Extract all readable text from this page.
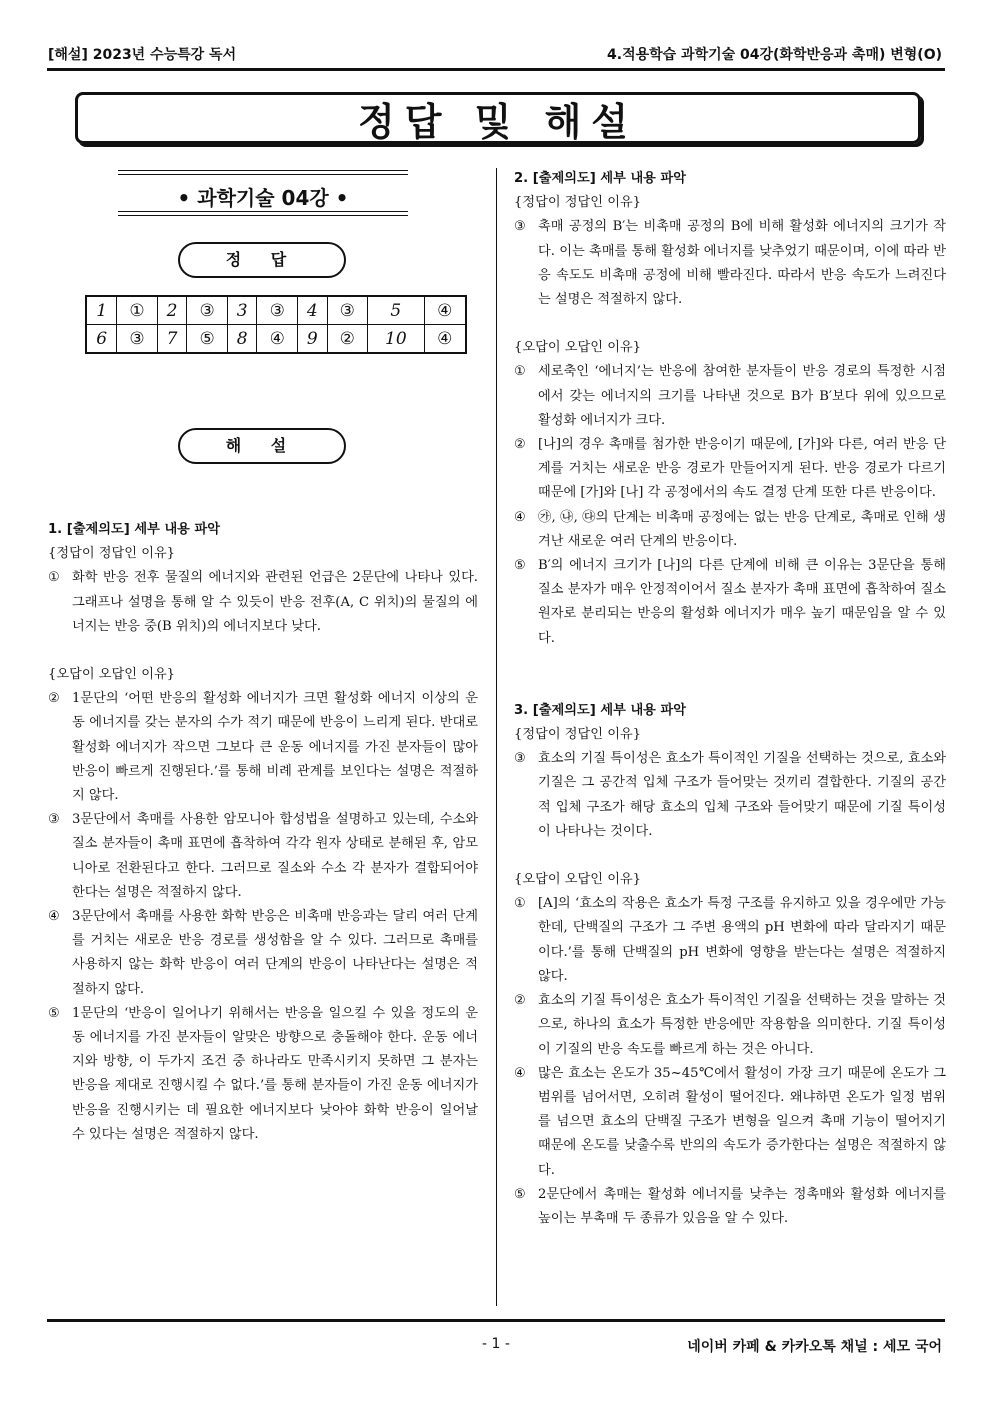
[해설] 2023년 수능특강 독서	4.적용학습 과학기술 04강(화학반응과 촉매) 변형(O)
정답 및 해설
• 과학기술 04강 •
정 답
1	①	2	③	3	③	4	③	5	④
6	③	7	⑤	8	④	9	②	10	④
해 설
1. [출제의도] 세부 내용 파악
{정답이 정답인 이유}
① 화학 반응 전후 물질의 에너지와 관련된 언급은 2문단에 나타나 있다. 그래프나 설명을 통해 알 수 있듯이 반응 전후(A, C 위치)의 물질의 에너지는 반응 중(B 위치)의 에너지보다 낮다.
{오답이 오답인 이유}
② 1문단의 ‘어떤 반응의 활성화 에너지가 크면 활성화 에너지 이상의 운동 에너지를 갖는 분자의 수가 적기 때문에 반응이 느리게 된다. 반대로 활성화 에너지가 작으면 그보다 큰 운동 에너지를 가진 분자들이 많아 반응이 빠르게 진행된다.’를 통해 비례 관계를 보인다는 설명은 적절하지 않다.
③ 3문단에서 촉매를 사용한 암모니아 합성법을 설명하고 있는데, 수소와 질소 분자들이 촉매 표면에 흡착하여 각각 원자 상태로 분해된 후, 암모니아로 전환된다고 한다. 그러므로 질소와 수소 각 분자가 결합되어야 한다는 설명은 적절하지 않다.
④ 3문단에서 촉매를 사용한 화학 반응은 비촉매 반응과는 달리 여러 단계를 거치는 새로운 반응 경로를 생성함을 알 수 있다. 그러므로 촉매를 사용하지 않는 화학 반응이 여러 단계의 반응이 나타난다는 설명은 적절하지 않다.
⑤ 1문단의 ‘반응이 일어나기 위해서는 반응을 일으킬 수 있을 정도의 운동 에너지를 가진 분자들이 알맞은 방향으로 충돌해야 한다. 운동 에너지와 방향, 이 두가지 조건 중 하나라도 만족시키지 못하면 그 분자는 반응을 제대로 진행시킬 수 없다.’를 통해 분자들이 가진 운동 에너지가 반응을 진행시키는 데 필요한 에너지보다 낮아야 화학 반응이 일어날 수 있다는 설명은 적절하지 않다.
2. [출제의도] 세부 내용 파악
{정답이 정답인 이유}
③ 촉매 공정의 B′는 비촉매 공정의 B에 비해 활성화 에너지의 크기가 작다. 이는 촉매를 통해 활성화 에너지를 낮추었기 때문이며, 이에 따라 반응 속도도 비촉매 공정에 비해 빨라진다. 따라서 반응 속도가 느려진다는 설명은 적절하지 않다.
{오답이 오답인 이유}
① 세로축인 ‘에너지’는 반응에 참여한 분자들이 반응 경로의 특정한 시점에서 갖는 에너지의 크기를 나타낸 것으로 B가 B′보다 위에 있으므로 활성화 에너지가 크다.
② [나]의 경우 촉매를 첨가한 반응이기 때문에, [가]와 다른, 여러 반응 단계를 거치는 새로운 반응 경로가 만들어지게 된다. 반응 경로가 다르기 때문에 [가]와 [나] 각 공정에서의 속도 결정 단계 또한 다른 반응이다.
④ ㉮, ㉯, ㉰의 단계는 비촉매 공정에는 없는 반응 단계로, 촉매로 인해 생겨난 새로운 여러 단계의 반응이다.
⑤ B′의 에너지 크기가 [나]의 다른 단계에 비해 큰 이유는 3문단을 통해 질소 분자가 매우 안정적이어서 질소 분자가 촉매 표면에 흡착하여 질소 원자로 분리되는 반응의 활성화 에너지가 매우 높기 때문임을 알 수 있다.
3. [출제의도] 세부 내용 파악
{정답이 정답인 이유}
③ 효소의 기질 특이성은 효소가 특이적인 기질을 선택하는 것으로, 효소와 기질은 그 공간적 입체 구조가 들어맞는 것끼리 결합한다. 기질의 공간적 입체 구조가 해당 효소의 입체 구조와 들어맞기 때문에 기질 특이성이 나타나는 것이다.
{오답이 오답인 이유}
① [A]의 ‘효소의 작용은 효소가 특정 구조를 유지하고 있을 경우에만 가능한데, 단백질의 구조가 그 주변 용액의 pH 변화에 따라 달라지기 때문이다.’를 통해 단백질의 pH 변화에 영향을 받는다는 설명은 적절하지 않다.
② 효소의 기질 특이성은 효소가 특이적인 기질을 선택하는 것을 말하는 것으로, 하나의 효소가 특정한 반응에만 작용함을 의미한다. 기질 특이성이 기질의 반응 속도를 빠르게 하는 것은 아니다.
④ 많은 효소는 온도가 35~45℃에서 활성이 가장 크기 때문에 온도가 그 범위를 넘어서면, 오히려 활성이 떨어진다. 왜냐하면 온도가 일정 범위를 넘으면 효소의 단백질 구조가 변형을 일으켜 촉매 기능이 떨어지기 때문에 온도를 낮출수록 반의의 속도가 증가한다는 설명은 적절하지 않다.
⑤ 2문단에서 촉매는 활성화 에너지를 낮추는 정촉매와 활성화 에너지를 높이는 부촉매 두 종류가 있음을 알 수 있다.
- 1 -	네이버 카페 & 카카오톡 채널 : 세모 국어
